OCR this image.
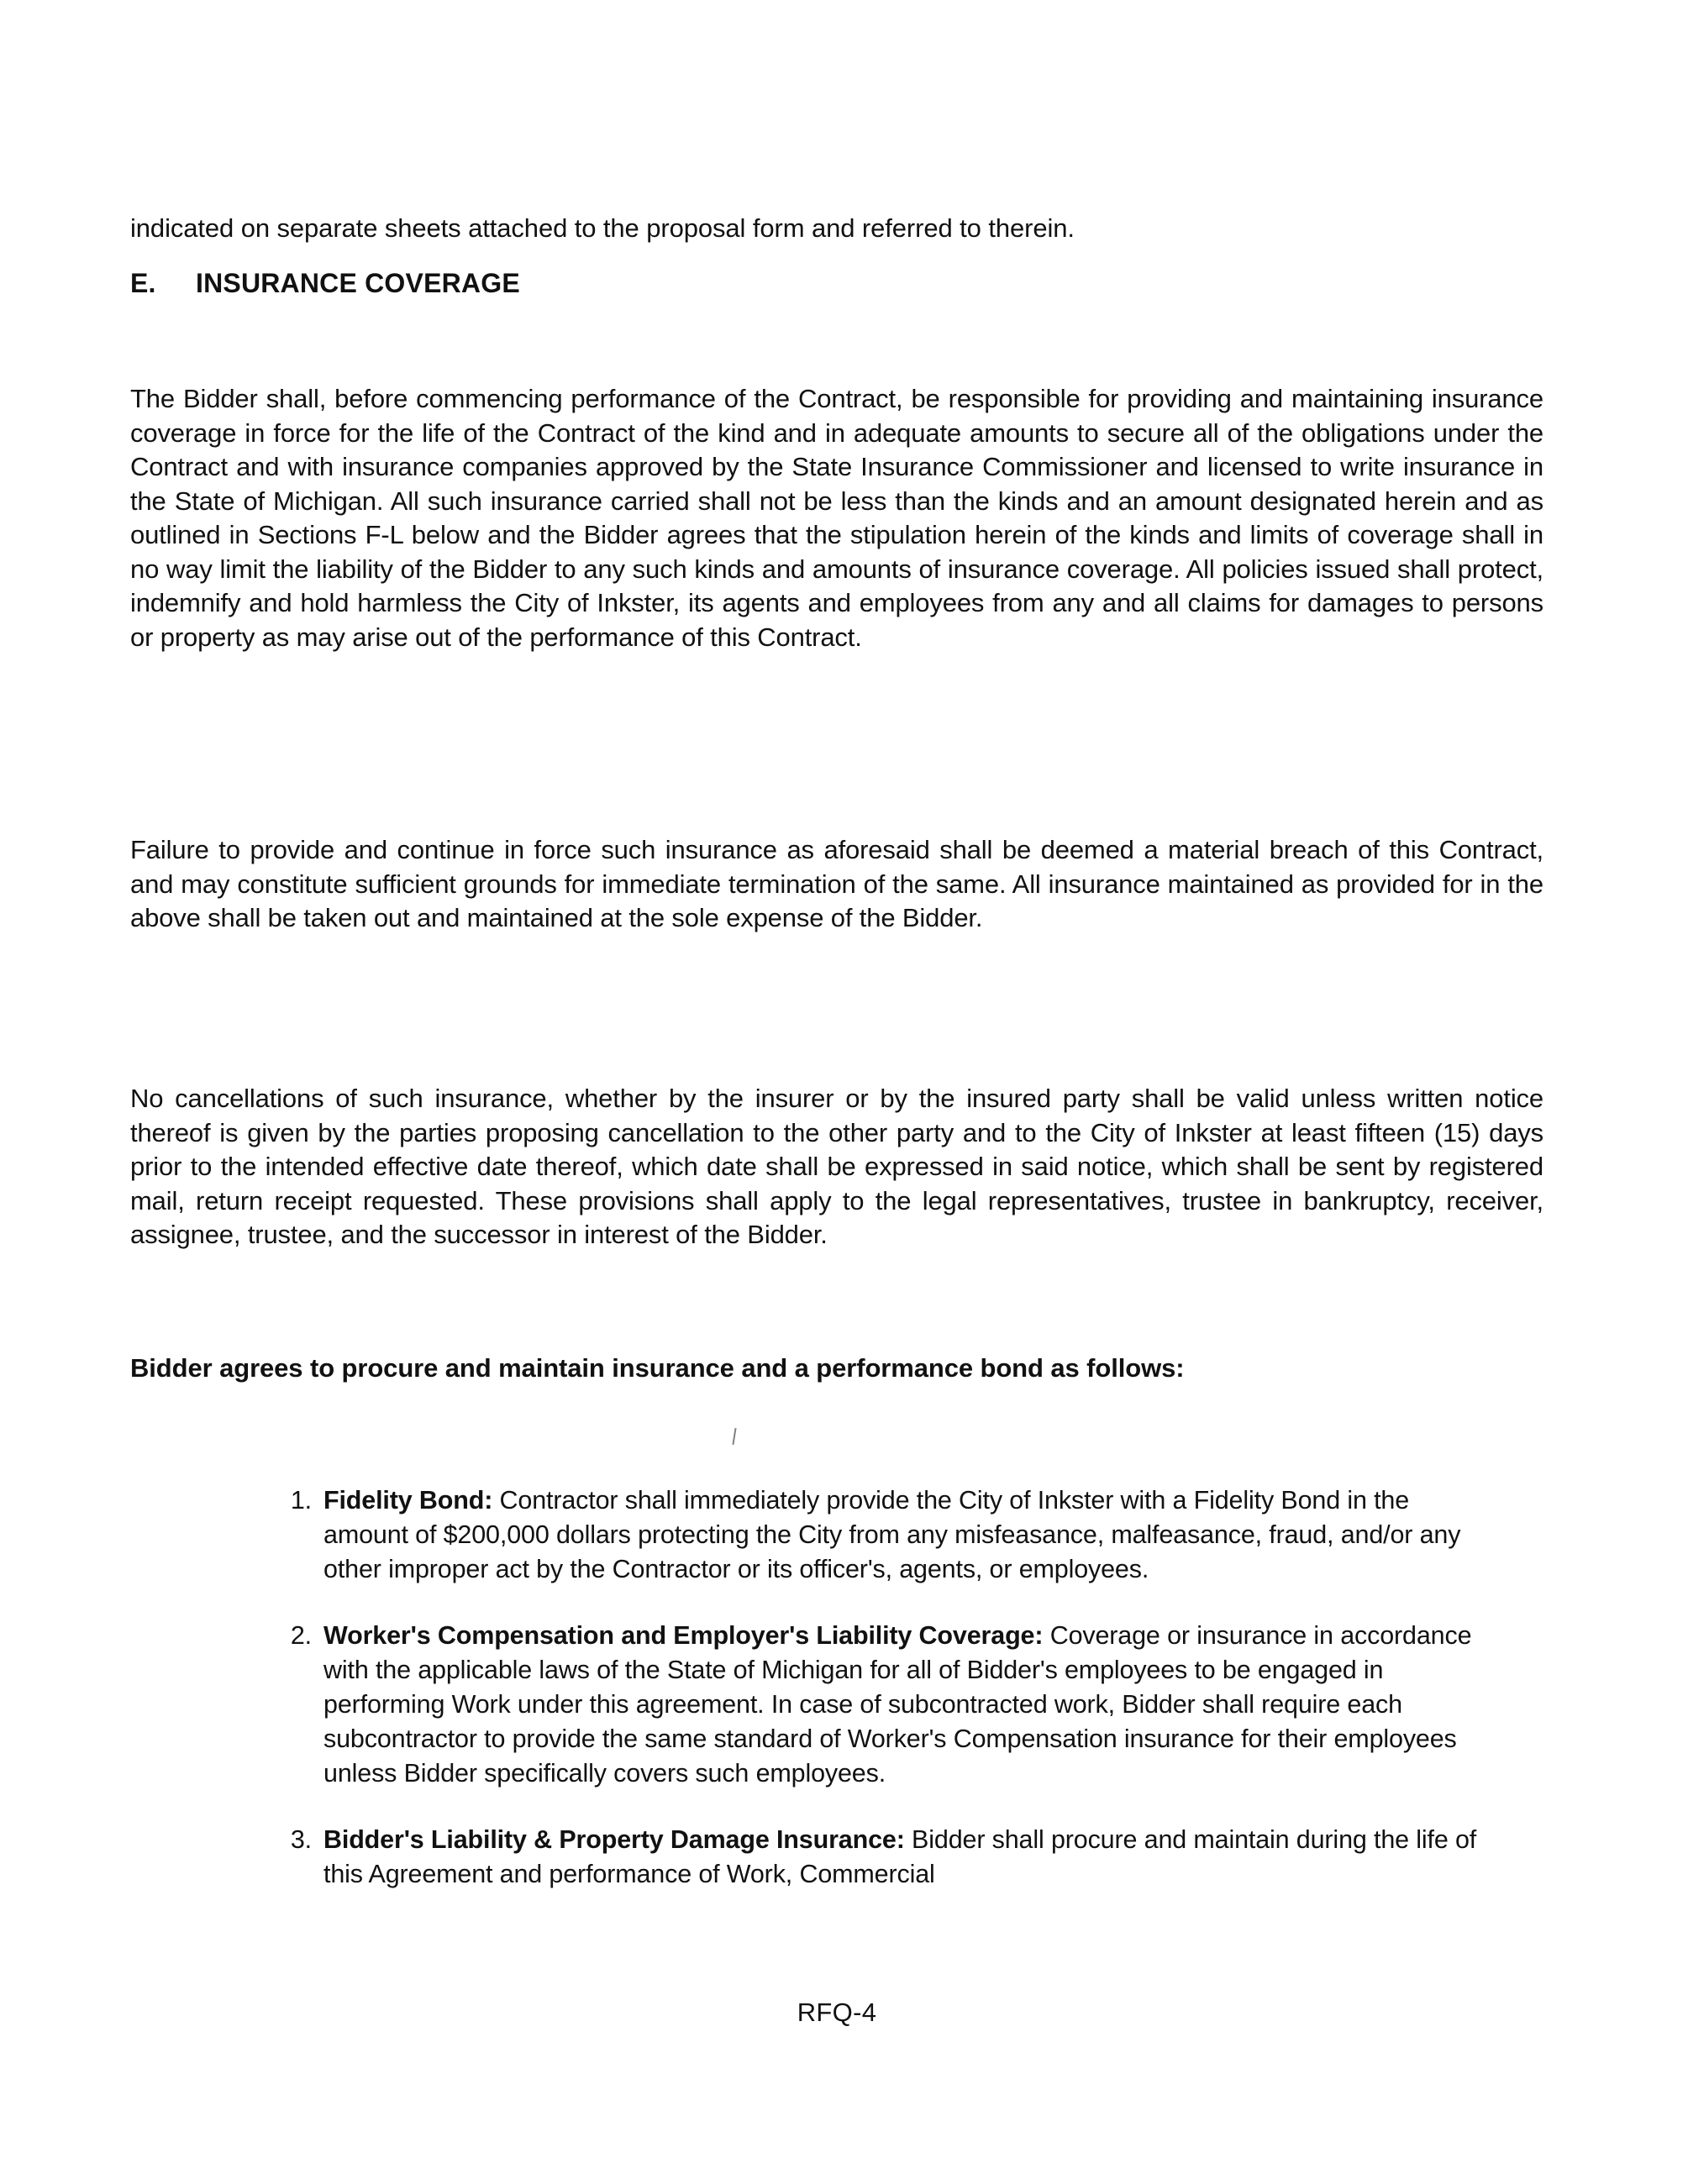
indicated on separate sheets attached to the proposal form and referred to therein.
E. INSURANCE COVERAGE
The Bidder shall, before commencing performance of the Contract, be responsible for providing and maintaining insurance coverage in force for the life of the Contract of the kind and in adequate amounts to secure all of the obligations under the Contract and with insurance companies approved by the State Insurance Commissioner and licensed to write insurance in the State of Michigan. All such insurance carried shall not be less than the kinds and an amount designated herein and as outlined in Sections F-L below and the Bidder agrees that the stipulation herein of the kinds and limits of coverage shall in no way limit the liability of the Bidder to any such kinds and amounts of insurance coverage. All policies issued shall protect, indemnify and hold harmless the City of Inkster, its agents and employees from any and all claims for damages to persons or property as may arise out of the performance of this Contract.
Failure to provide and continue in force such insurance as aforesaid shall be deemed a material breach of this Contract, and may constitute sufficient grounds for immediate termination of the same. All insurance maintained as provided for in the above shall be taken out and maintained at the sole expense of the Bidder.
No cancellations of such insurance, whether by the insurer or by the insured party shall be valid unless written notice thereof is given by the parties proposing cancellation to the other party and to the City of Inkster at least fifteen (15) days prior to the intended effective date thereof, which date shall be expressed in said notice, which shall be sent by registered mail, return receipt requested. These provisions shall apply to the legal representatives, trustee in bankruptcy, receiver, assignee, trustee, and the successor in interest of the Bidder.
Bidder agrees to procure and maintain insurance and a performance bond as follows:
1. Fidelity Bond: Contractor shall immediately provide the City of Inkster with a Fidelity Bond in the amount of $200,000 dollars protecting the City from any misfeasance, malfeasance, fraud, and/or any other improper act by the Contractor or its officer's, agents, or employees.
2. Worker's Compensation and Employer's Liability Coverage: Coverage or insurance in accordance with the applicable laws of the State of Michigan for all of Bidder's employees to be engaged in performing Work under this agreement. In case of subcontracted work, Bidder shall require each subcontractor to provide the same standard of Worker's Compensation insurance for their employees unless Bidder specifically covers such employees.
3. Bidder's Liability & Property Damage Insurance: Bidder shall procure and maintain during the life of this Agreement and performance of Work, Commercial
RFQ-4
